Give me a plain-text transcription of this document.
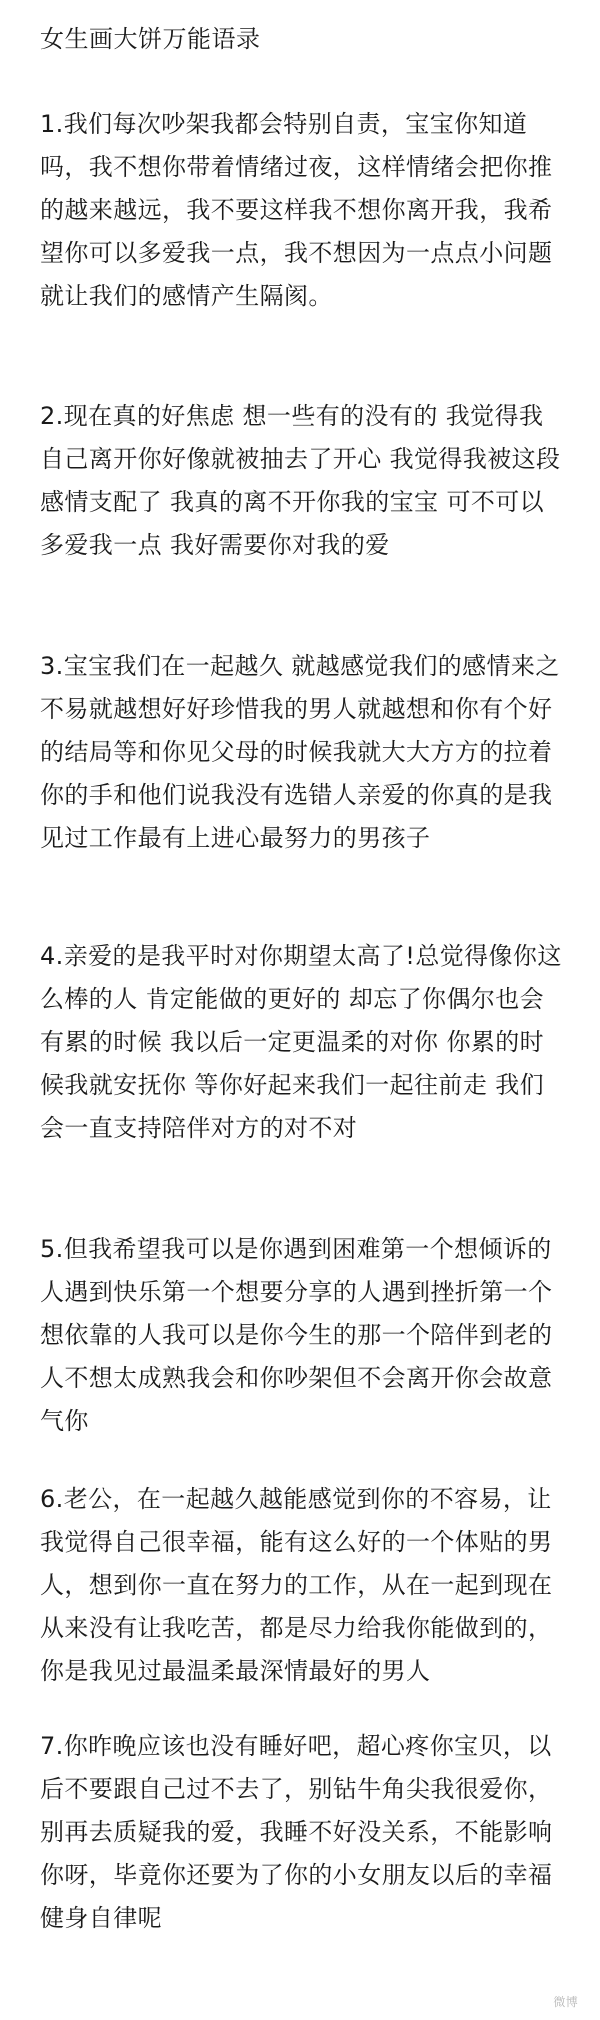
女生画大饼万能语录

1.我们每次吵架我都会特别自责，宝宝你知道吗，我不想你带着情绪过夜，这样情绪会把你推的越来越远，我不要这样我不想你离开我，我希望你可以多爱我一点，我不想因为一点点小问题就让我们的感情产生隔阂。

2.现在真的好焦虑 想一些有的没有的 我觉得我自己离开你好像就被抽去了开心 我觉得我被这段感情支配了 我真的离不开你我的宝宝 可不可以多爱我一点 我好需要你对我的爱

3.宝宝我们在一起越久 就越感觉我们的感情来之不易就越想好好珍惜我的男人就越想和你有个好的结局等和你见父母的时候我就大大方方的拉着你的手和他们说我没有选错人亲爱的你真的是我见过工作最有上进心最努力的男孩子

4.亲爱的是我平时对你期望太高了!总觉得像你这么棒的人 肯定能做的更好的 却忘了你偶尔也会有累的时候 我以后一定更温柔的对你 你累的时候我就安抚你 等你好起来我们一起往前走 我们会一直支持陪伴对方的对不对

5.但我希望我可以是你遇到困难第一个想倾诉的人遇到快乐第一个想要分享的人遇到挫折第一个想依靠的人我可以是你今生的那一个陪伴到老的人不想太成熟我会和你吵架但不会离开你会故意气你

6.老公，在一起越久越能感觉到你的不容易，让我觉得自己很幸福，能有这么好的一个体贴的男人，想到你一直在努力的工作，从在一起到现在从来没有让我吃苦，都是尽力给我你能做到的，你是我见过最温柔最深情最好的男人

7.你昨晚应该也没有睡好吧，超心疼你宝贝，以后不要跟自己过不去了，别钻牛角尖我很爱你，别再去质疑我的爱，我睡不好没关系，不能影响你呀，毕竟你还要为了你的小女朋友以后的幸福健身自律呢

微博
